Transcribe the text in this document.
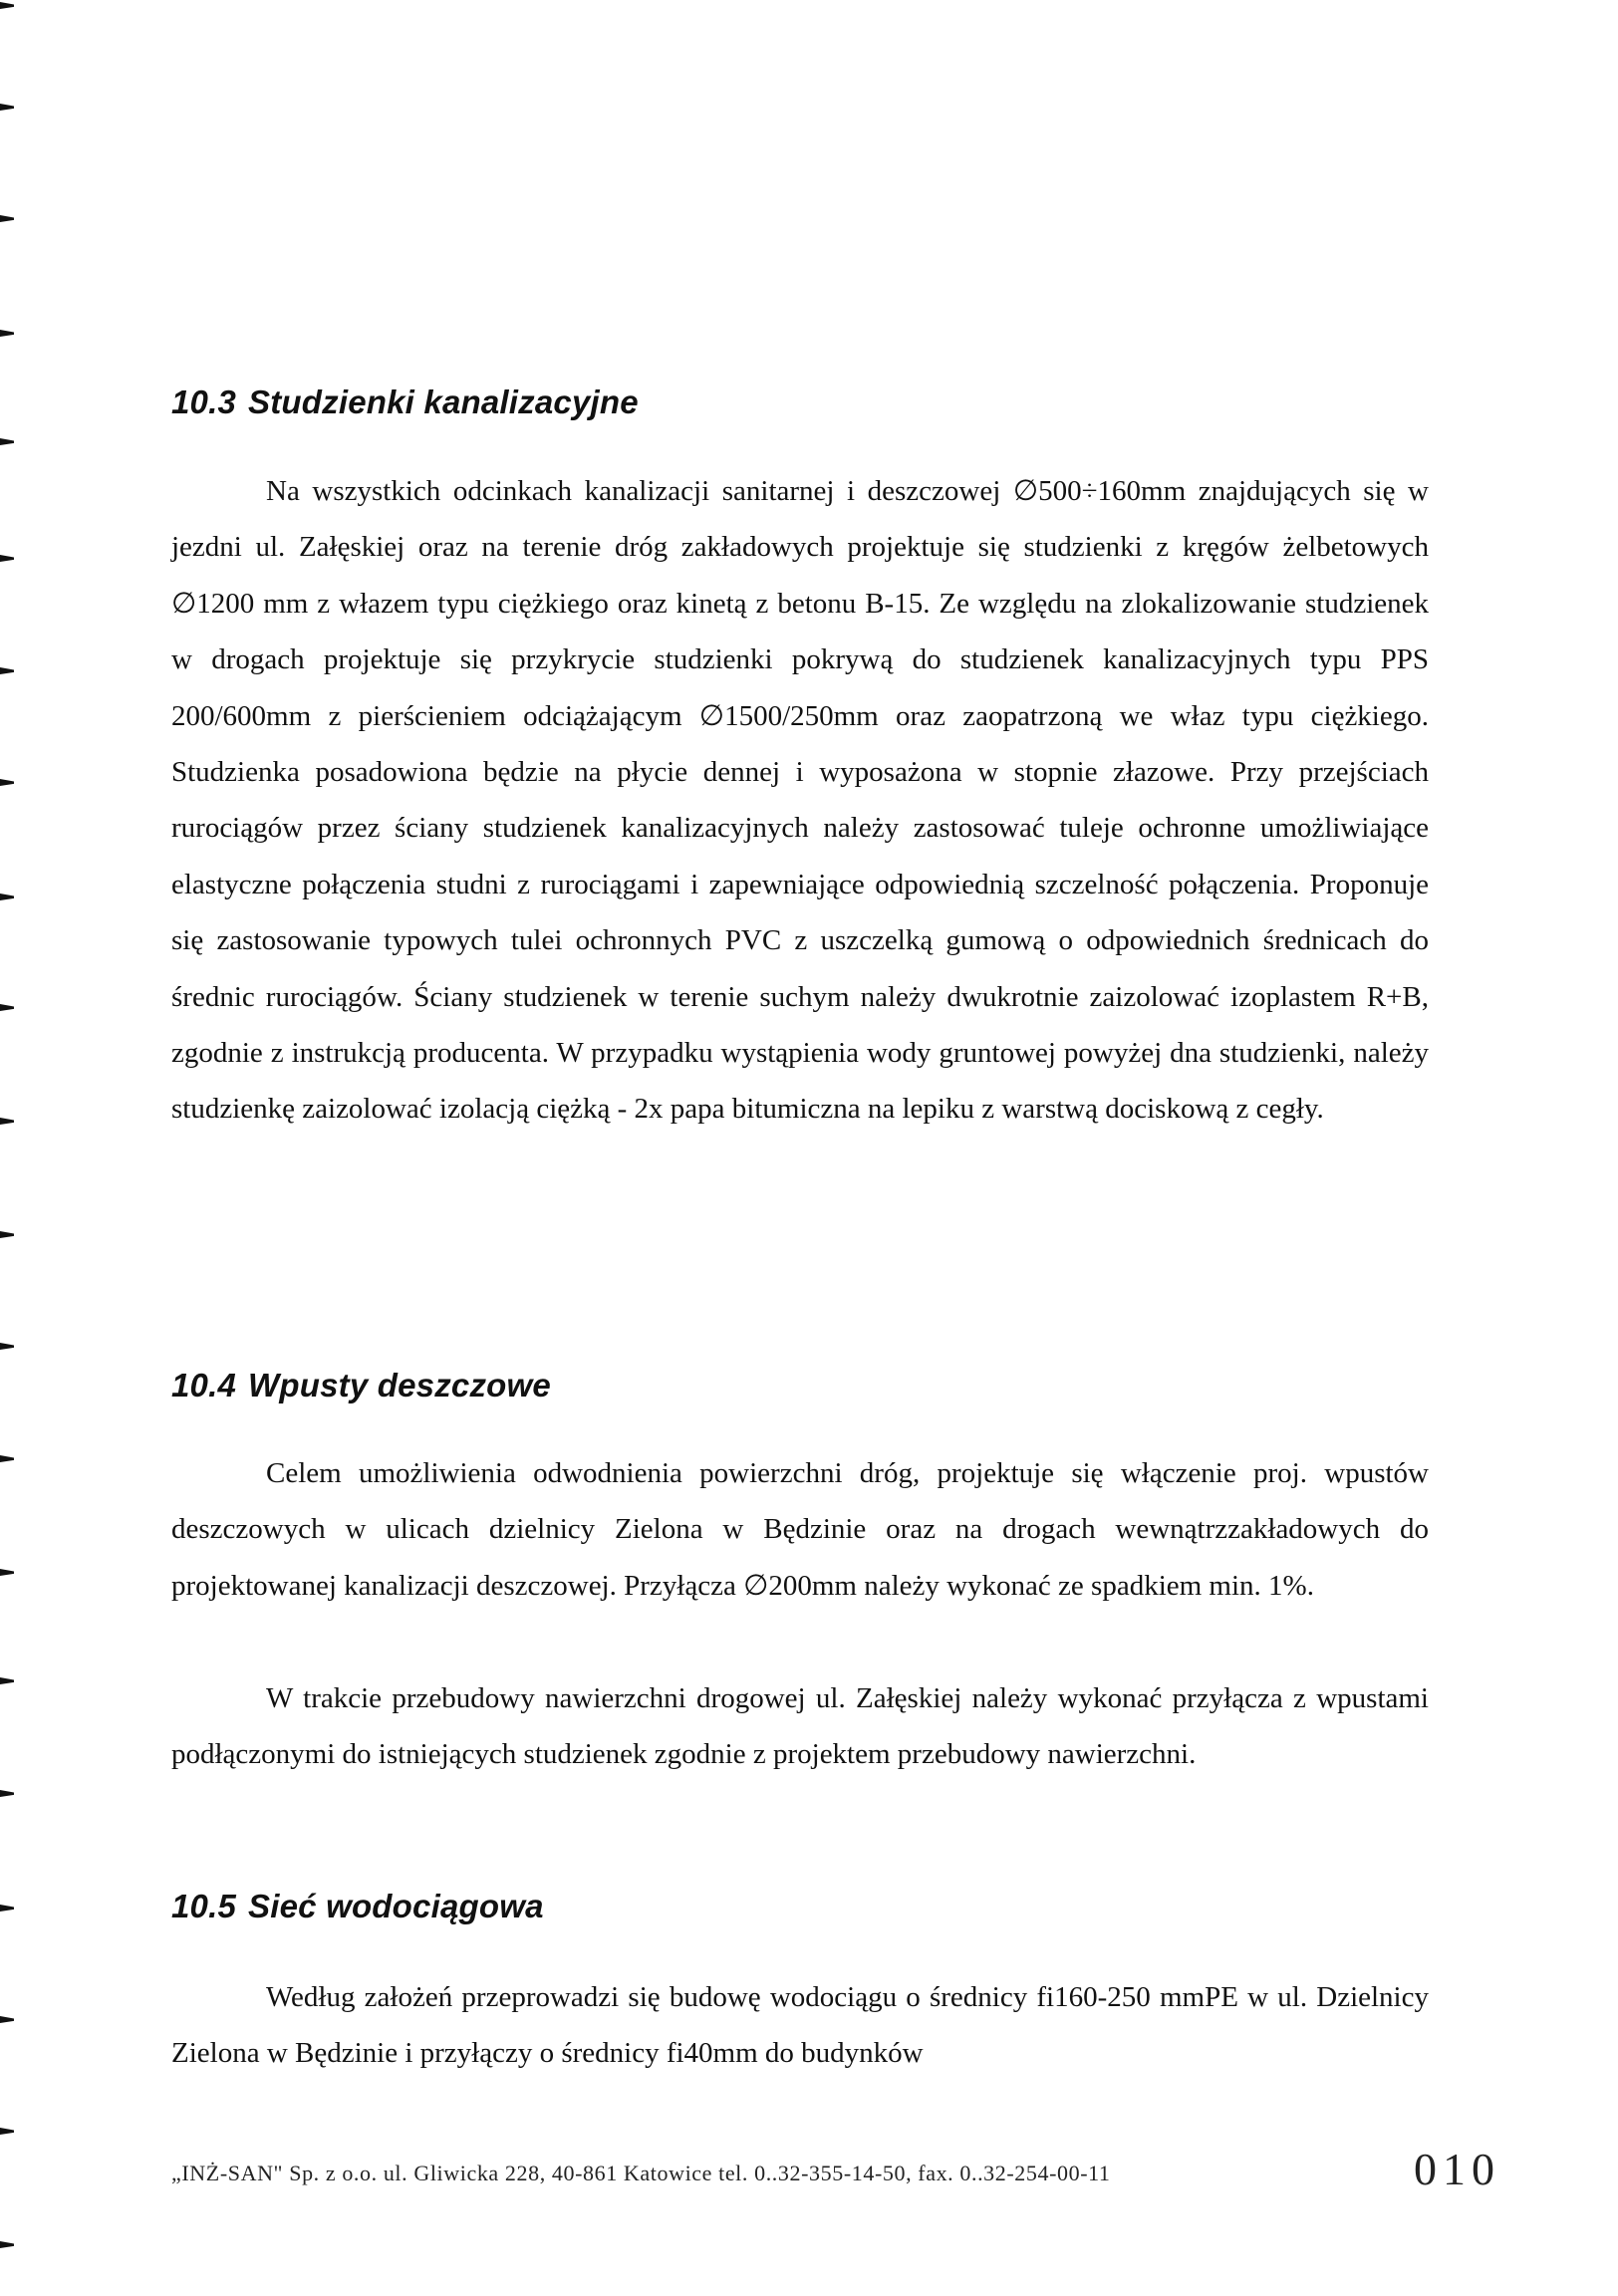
10.3 Studzienki kanalizacyjne

Na wszystkich odcinkach kanalizacji sanitarnej i deszczowej ∅500÷160mm znajdujących się w jezdni ul. Załęskiej oraz na terenie dróg zakładowych projektuje się studzienki z kręgów żelbetowych ∅1200 mm z włazem typu ciężkiego oraz kinetą z betonu B-15. Ze względu na zlokalizowanie studzienek w drogach projektuje się przykrycie studzienki pokrywą do studzienek kanalizacyjnych typu PPS 200/600mm z pierścieniem odciążającym ∅1500/250mm oraz zaopatrzoną we właz typu ciężkiego. Studzienka posadowiona będzie na płycie dennej i wyposażona w stopnie złazowe. Przy przejściach rurociągów przez ściany studzienek kanalizacyjnych należy zastosować tuleje ochronne umożliwiające elastyczne połączenia studni z rurociągami i zapewniające odpowiednią szczelność połączenia. Proponuje się zastosowanie typowych tulei ochronnych PVC z uszczelką gumową o odpowiednich średnicach do średnic rurociągów. Ściany studzienek w terenie suchym należy dwukrotnie zaizolować izoplastem R+B, zgodnie z instrukcją producenta. W przypadku wystąpienia wody gruntowej powyżej dna studzienki, należy studzienkę zaizolować izolacją ciężką - 2x papa bitumiczna na lepiku z warstwą dociskową z cegły.

10.4 Wpusty deszczowe

Celem umożliwienia odwodnienia powierzchni dróg, projektuje się włączenie proj. wpustów deszczowych w ulicach dzielnicy Zielona w Będzinie oraz na drogach wewnątrzzakładowych do projektowanej kanalizacji deszczowej. Przyłącza ∅200mm należy wykonać ze spadkiem min. 1%.

W trakcie przebudowy nawierzchni drogowej ul. Załęskiej należy wykonać przyłącza z wpustami podłączonymi do istniejących studzienek zgodnie z projektem przebudowy nawierzchni.

10.5 Sieć wodociągowa

Według założeń przeprowadzi się budowę wodociągu o średnicy fi160-250 mmPE w ul. Dzielnicy Zielona w Będzinie i przyłączy o średnicy fi40mm do budynków

„INŻ-SAN" Sp. z o.o. ul. Gliwicka 228, 40-861 Katowice tel. 0..32-355-14-50, fax. 0..32-254-00-11	010
